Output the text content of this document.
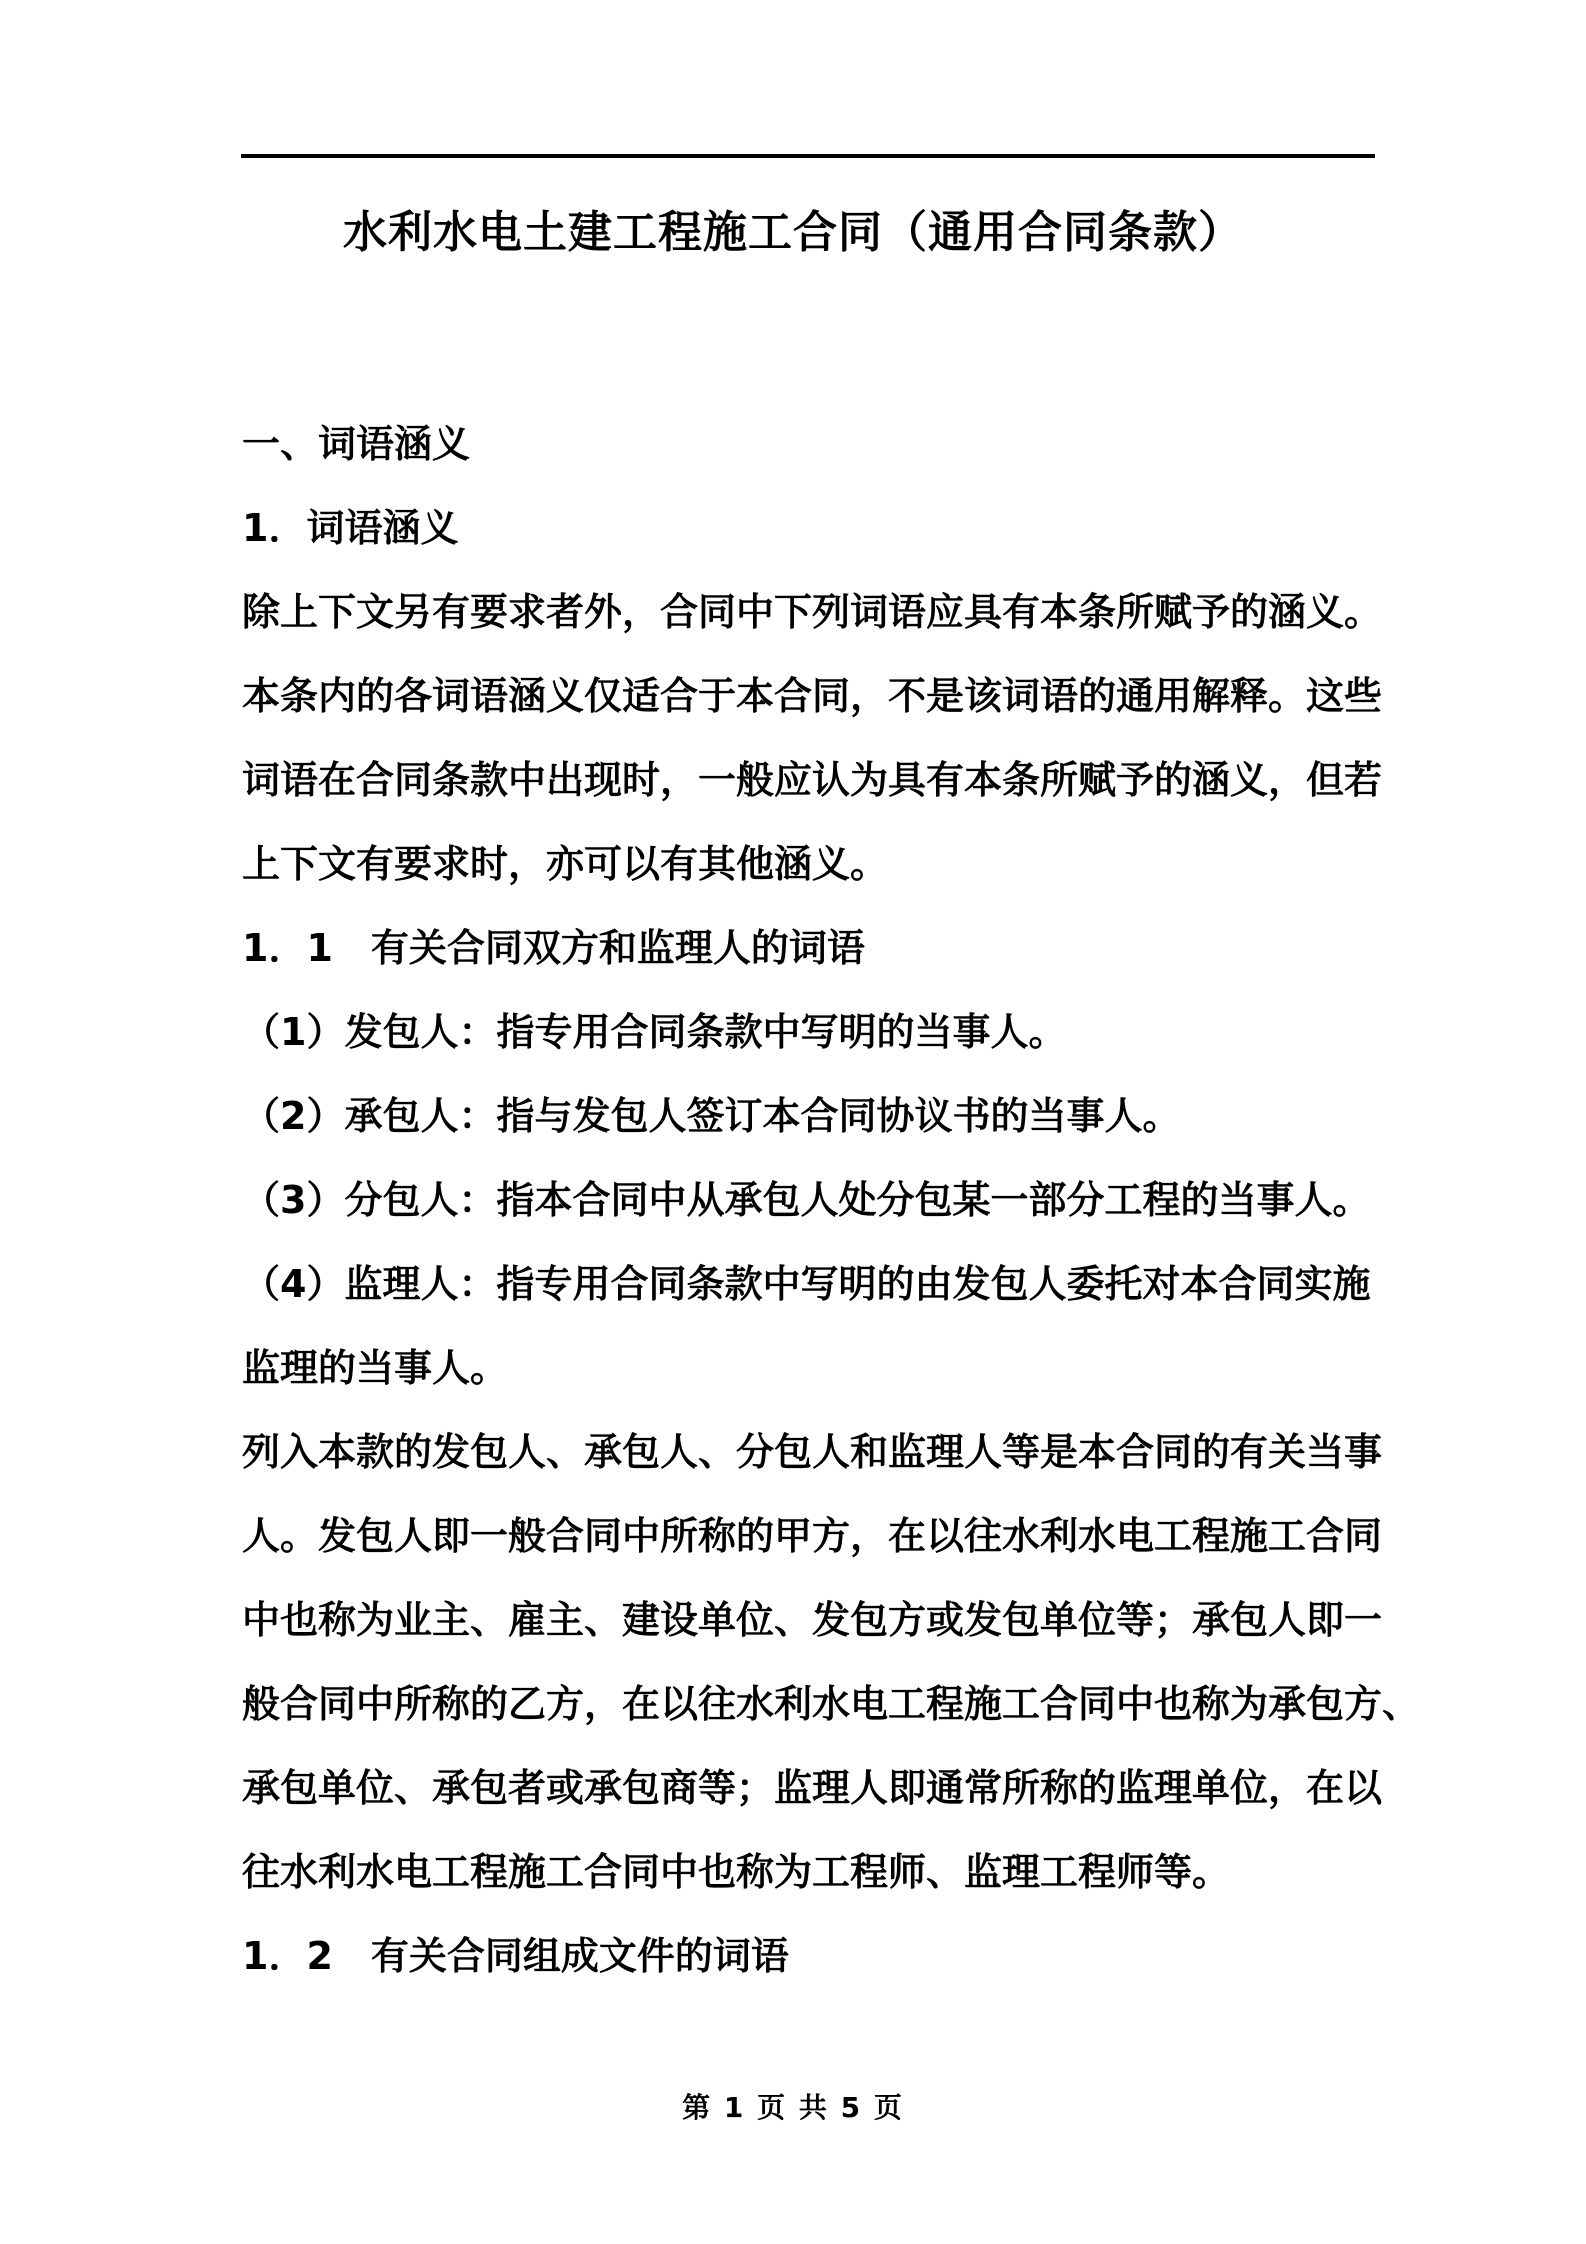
水利水电土建工程施工合同（通用合同条款）
一、词语涵义
1．词语涵义
除上下文另有要求者外，合同中下列词语应具有本条所赋予的涵义。
本条内的各词语涵义仅适合于本合同，不是该词语的通用解释。这些
词语在合同条款中出现时，一般应认为具有本条所赋予的涵义，但若
上下文有要求时，亦可以有其他涵义。
1．1　有关合同双方和监理人的词语
（1）发包人：指专用合同条款中写明的当事人。
（2）承包人：指与发包人签订本合同协议书的当事人。
（3）分包人：指本合同中从承包人处分包某一部分工程的当事人。
（4）监理人：指专用合同条款中写明的由发包人委托对本合同实施
监理的当事人。
列入本款的发包人、承包人、分包人和监理人等是本合同的有关当事
人。发包人即一般合同中所称的甲方，在以往水利水电工程施工合同
中也称为业主、雇主、建设单位、发包方或发包单位等；承包人即一
般合同中所称的乙方，在以往水利水电工程施工合同中也称为承包方、
承包单位、承包者或承包商等；监理人即通常所称的监理单位，在以
往水利水电工程施工合同中也称为工程师、监理工程师等。
1．2　有关合同组成文件的词语
第 1 页 共 5 页
